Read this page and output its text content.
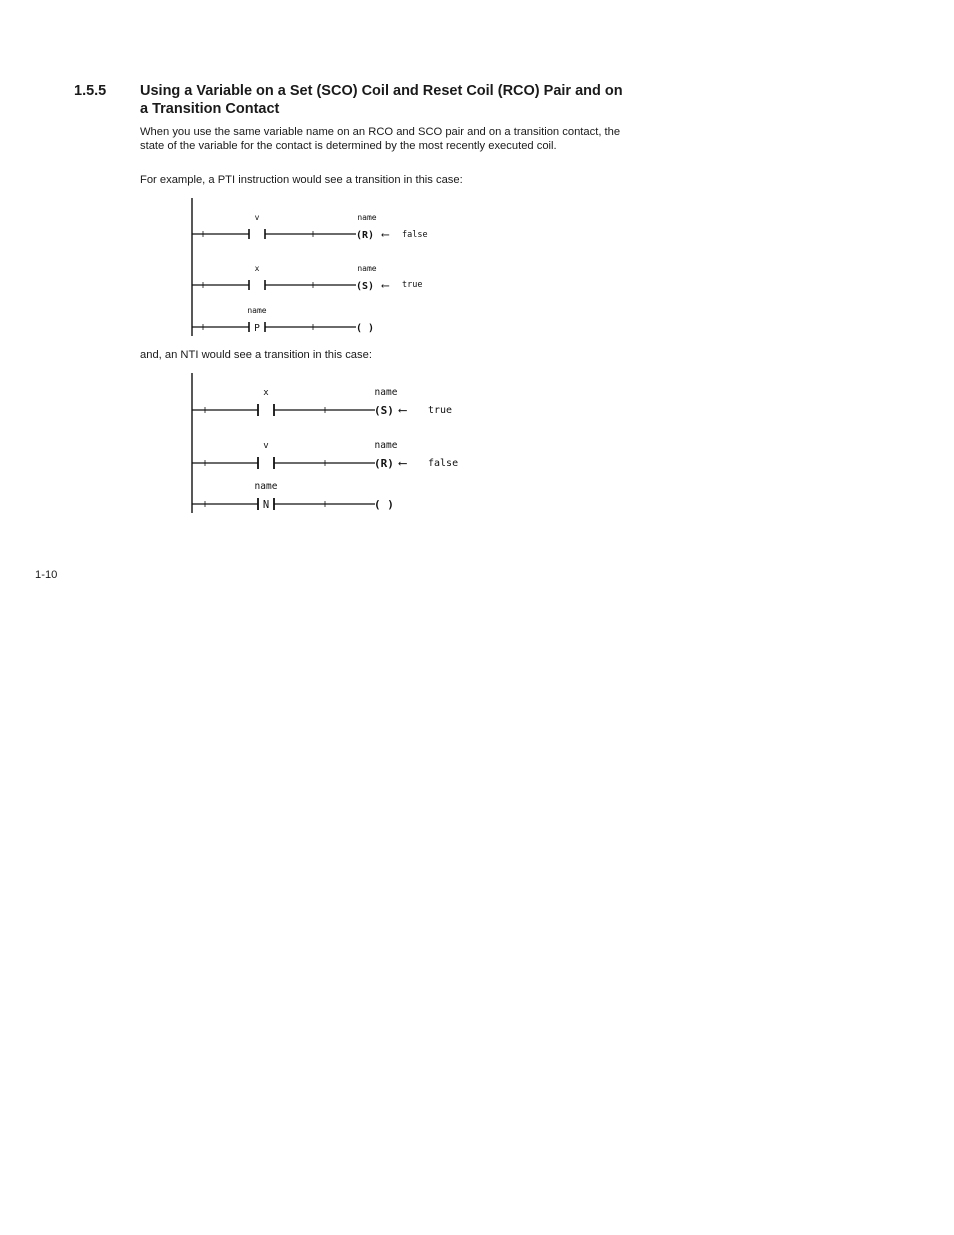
1.5.5 Using a Variable on a Set (SCO) Coil and Reset Coil (RCO) Pair and on a Transition Contact
When you use the same variable name on an RCO and SCO pair and on a transition contact, the state of the variable for the contact is determined by the most recently executed coil.
For example, a PTI instruction would see a transition in this case:
v	name
(R) ⟵ false
x	name
(S) ⟵ true
name
P	( )
and, an NTI would see a transition in this case:
x	name
(S) ⟵ true
v	name
(R) ⟵ false
name
N	( )
1-10
